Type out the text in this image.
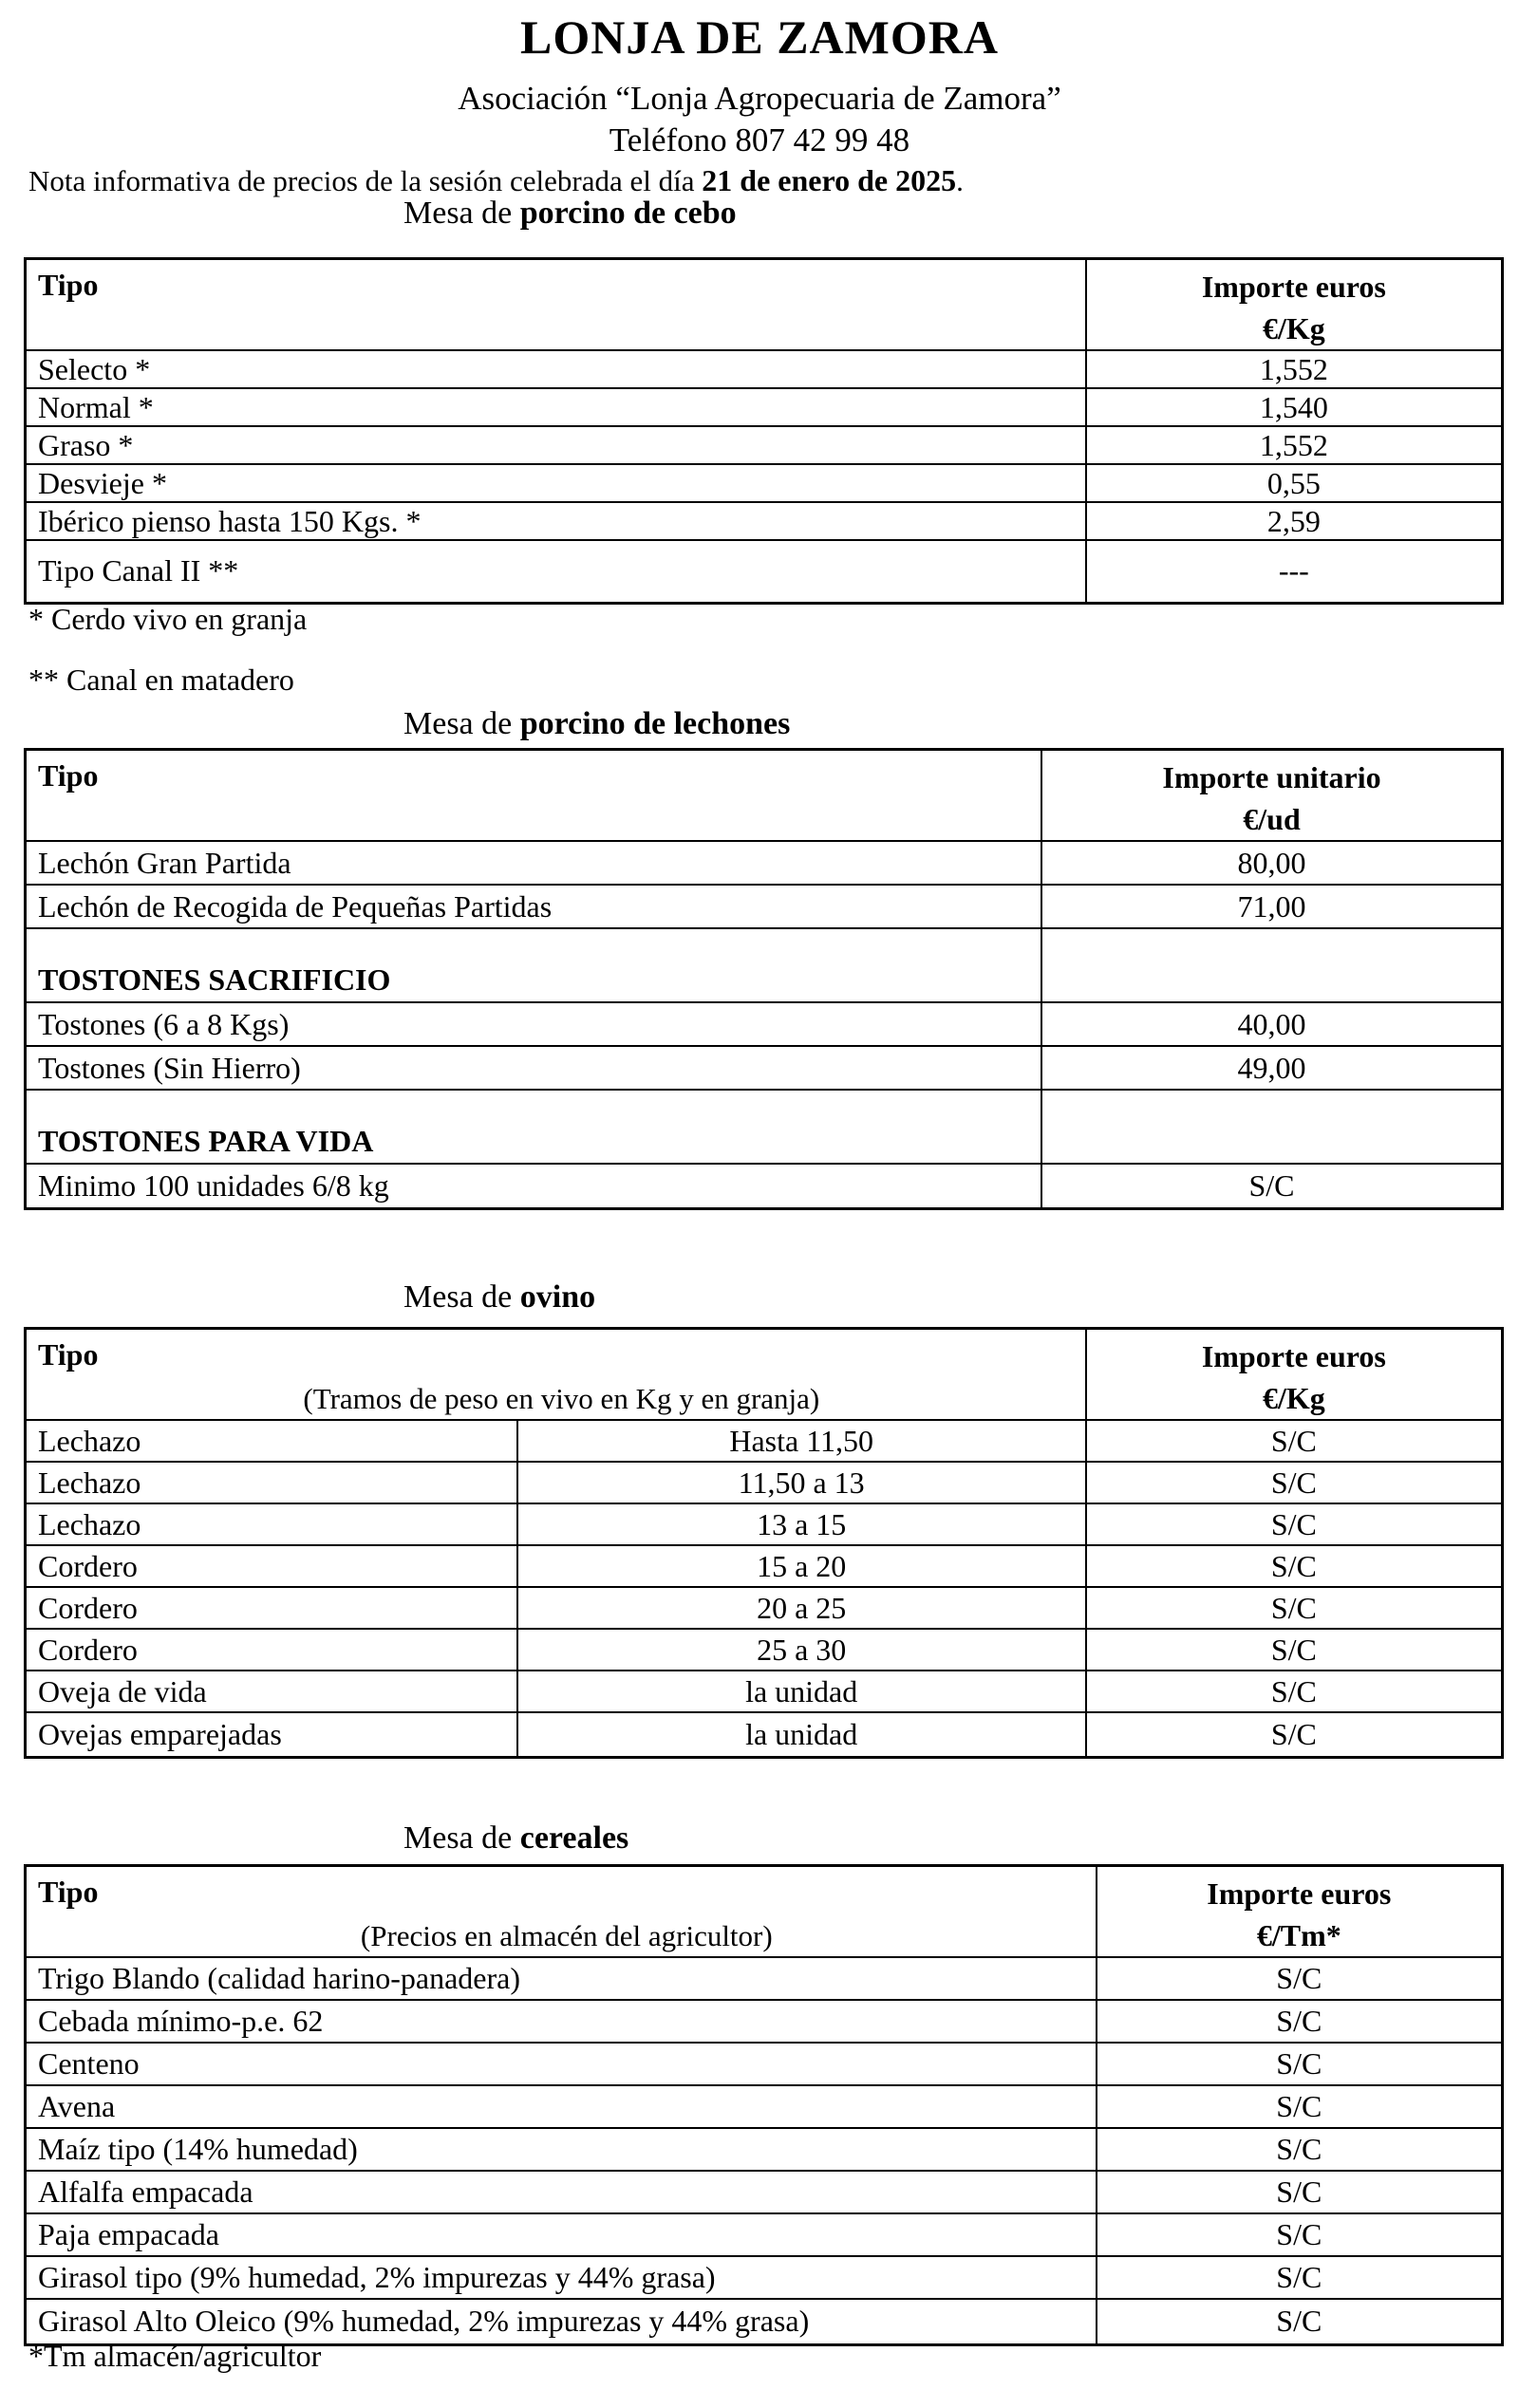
LONJA DE ZAMORA
Asociación “Lonja Agropecuaria de Zamora”
Teléfono 807 42 99 48
Nota informativa de precios de la sesión celebrada el día 21 de enero de 2025.
Mesa de porcino de cebo
Tipo	Importe euros
€/Kg

Selecto *	1,552
Normal *	1,540
Graso *	1,552
Desvieje *	0,55
Ibérico pienso hasta 150 Kgs. *	2,59
Tipo Canal II **	---
* Cerdo vivo en granja
** Canal en matadero
Mesa de porcino de lechones
Tipo	Importe unitario
€/ud

Lechón Gran Partida	80,00
Lechón de Recogida de Pequeñas Partidas	71,00
TOSTONES SACRIFICIO	
Tostones (6 a 8 Kgs)	40,00
Tostones (Sin Hierro)	49,00
TOSTONES PARA VIDA	
Minimo 100 unidades 6/8 kg	S/C
Mesa de ovino
Tipo
(Tramos de peso en vivo en Kg y en granja)

Importe euros
€/Kg

Lechazo	Hasta 11,50	S/C
Lechazo	11,50 a 13	S/C
Lechazo	13 a 15	S/C
Cordero	15 a 20	S/C
Cordero	20 a 25	S/C
Cordero	25 a 30	S/C
Oveja de vida	la unidad	S/C
Ovejas emparejadas	la unidad	S/C
Mesa de cereales
Tipo
(Precios en almacén del agricultor)

Importe euros
€/Tm*

Trigo Blando (calidad harino-panadera)	S/C
Cebada mínimo-p.e. 62	S/C
Centeno	S/C
Avena	S/C
Maíz tipo (14% humedad)	S/C
Alfalfa empacada	S/C
Paja empacada	S/C
Girasol tipo (9% humedad, 2% impurezas y 44% grasa)	S/C
Girasol Alto Oleico (9% humedad, 2% impurezas y 44% grasa)	S/C
*Tm almacén/agricultor
